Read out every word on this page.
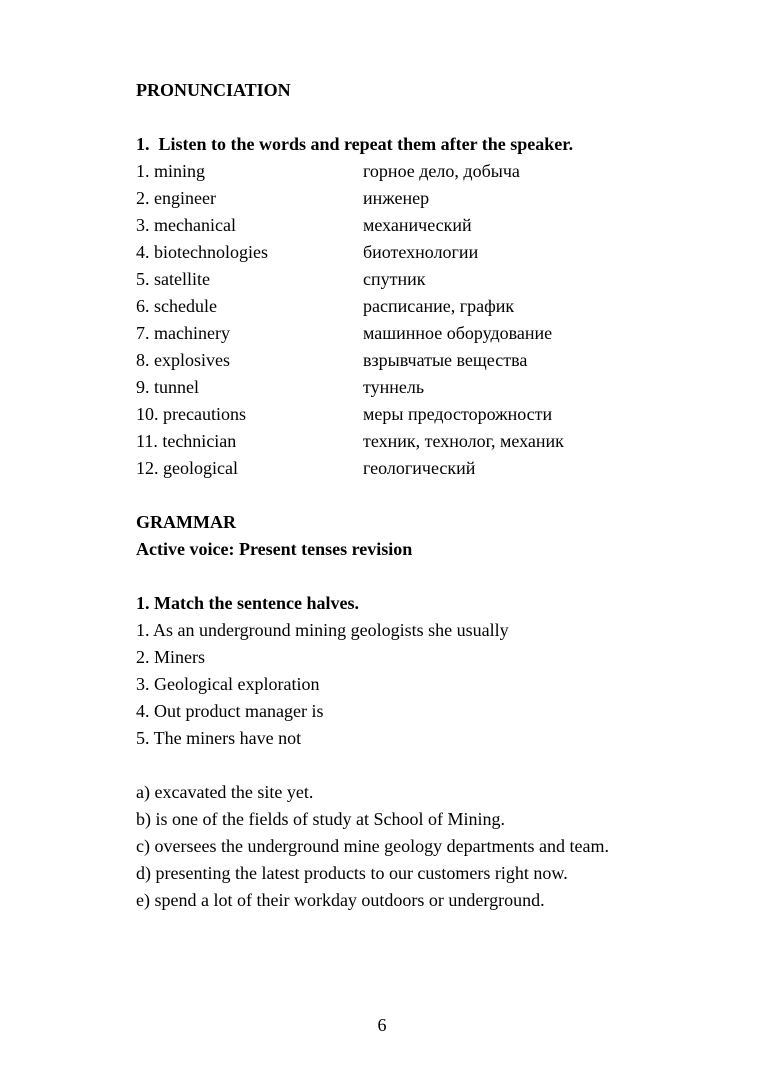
PRONUNCIATION
1.  Listen to the words and repeat them after the speaker.
1. mining	горное дело, добыча
2. engineer	инженер
3. mechanical	механический
4. biotechnologies	биотехнологии
5. satellite	спутник
6. schedule	расписание, график
7. machinery	машинное оборудование
8. explosives	взрывчатые вещества
9. tunnel	туннель
10. precautions	меры предосторожности
11. technician	техник, технолог, механик
12. geological	геологический
GRAMMAR
Active voice: Present tenses revision
1. Match the sentence halves.
1. As an underground mining geologists she usually
2. Miners
3. Geological exploration
4. Out product manager is
5. The miners have not
a) excavated the site yet.
b) is one of the fields of study at School of Mining.
c) oversees the underground mine geology departments and team.
d) presenting the latest products to our customers right now.
e) spend a lot of their workday outdoors or underground.
6
